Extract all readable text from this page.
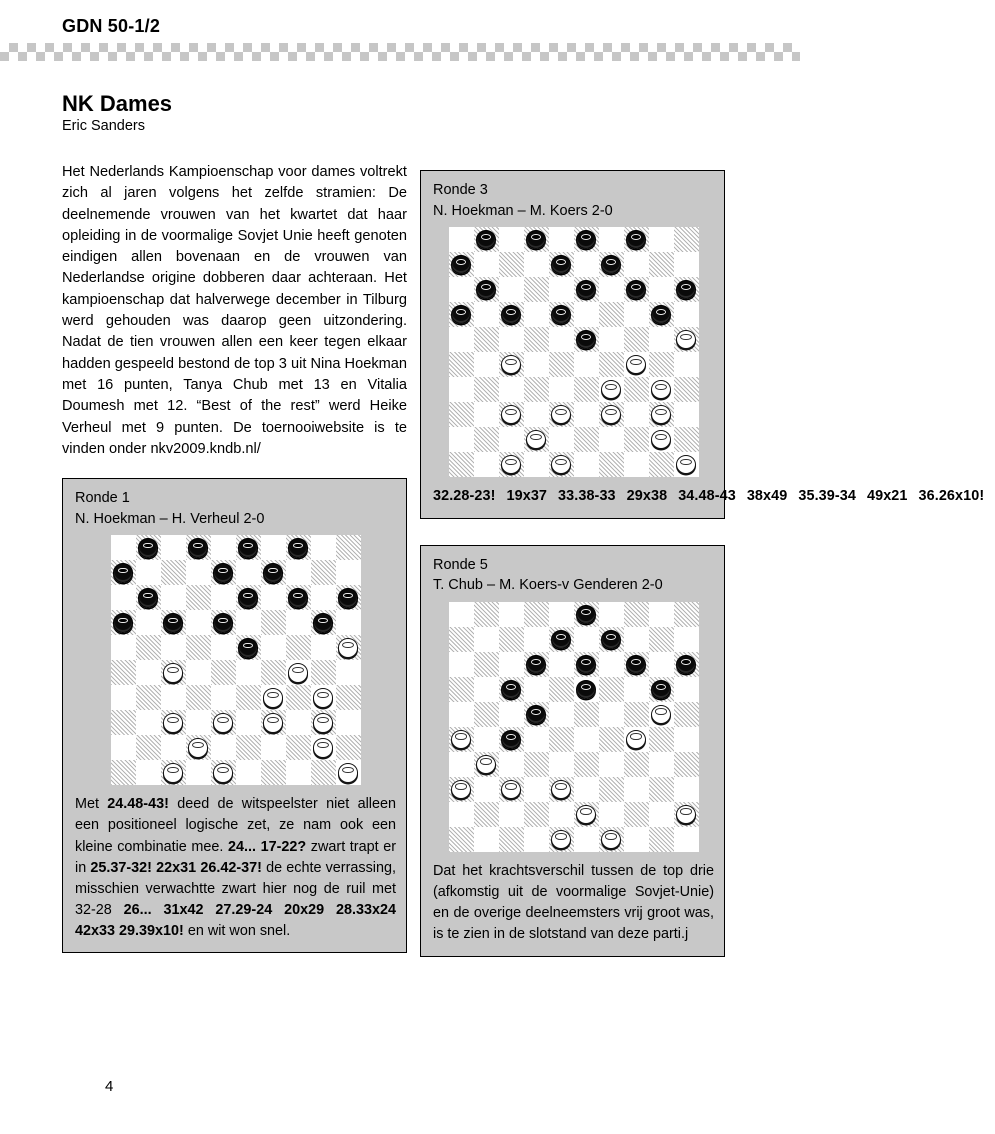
GDN 50-1/2
NK Dames

Eric Sanders

Het Nederlands Kampioenschap voor dames voltrekt zich al jaren volgens het zelfde stramien: De deelnemende vrouwen van het kwartet dat haar opleiding in de voormalige Sovjet Unie heeft genoten eindigen allen bovenaan en de vrouwen van Nederlandse origine dobberen daar achteraan. Het kampioenschap dat halverwege december in Tilburg werd gehouden was daarop geen uitzondering. Nadat de tien vrouwen allen een keer tegen elkaar hadden gespeeld bestond de top 3 uit Nina Hoekman met 16 punten, Tanya Chub met 13 en Vitalia Doumesh met 12. “Best of the rest” werd Heike Verheul met 9 punten. De toernooiwebsite is te vinden onder nkv2009.kndb.nl/

Ronde 1

N. Hoekman – H. Verheul 2-0

Met 24.48-43! deed de witspeelster niet alleen een positioneel logische zet, ze nam ook een kleine combinatie mee. 24... 17-22? zwart trapt er in 25.37-32! 22x31 26.42-37! de echte verrassing, misschien verwachtte zwart hier nog de ruil met 32-28 26... 31x42 27.29-24 20x29 28.33x24 42x33 29.39x10! en wit won snel.

Ronde 3

N. Hoekman – M. Koers 2-0

32.28-23! 19x37 33.38-33 29x38 34.48-43 38x49 35.39-34 49x21 36.26x10!

Ronde 5

T. Chub – M. Koers-v Genderen 2-0

Dat het krachtsverschil tussen de top drie (afkomstig uit de voormalige Sovjet-Unie) en de overige deelneemsters vrij groot was, is te zien in de slotstand van deze parti.j

4
